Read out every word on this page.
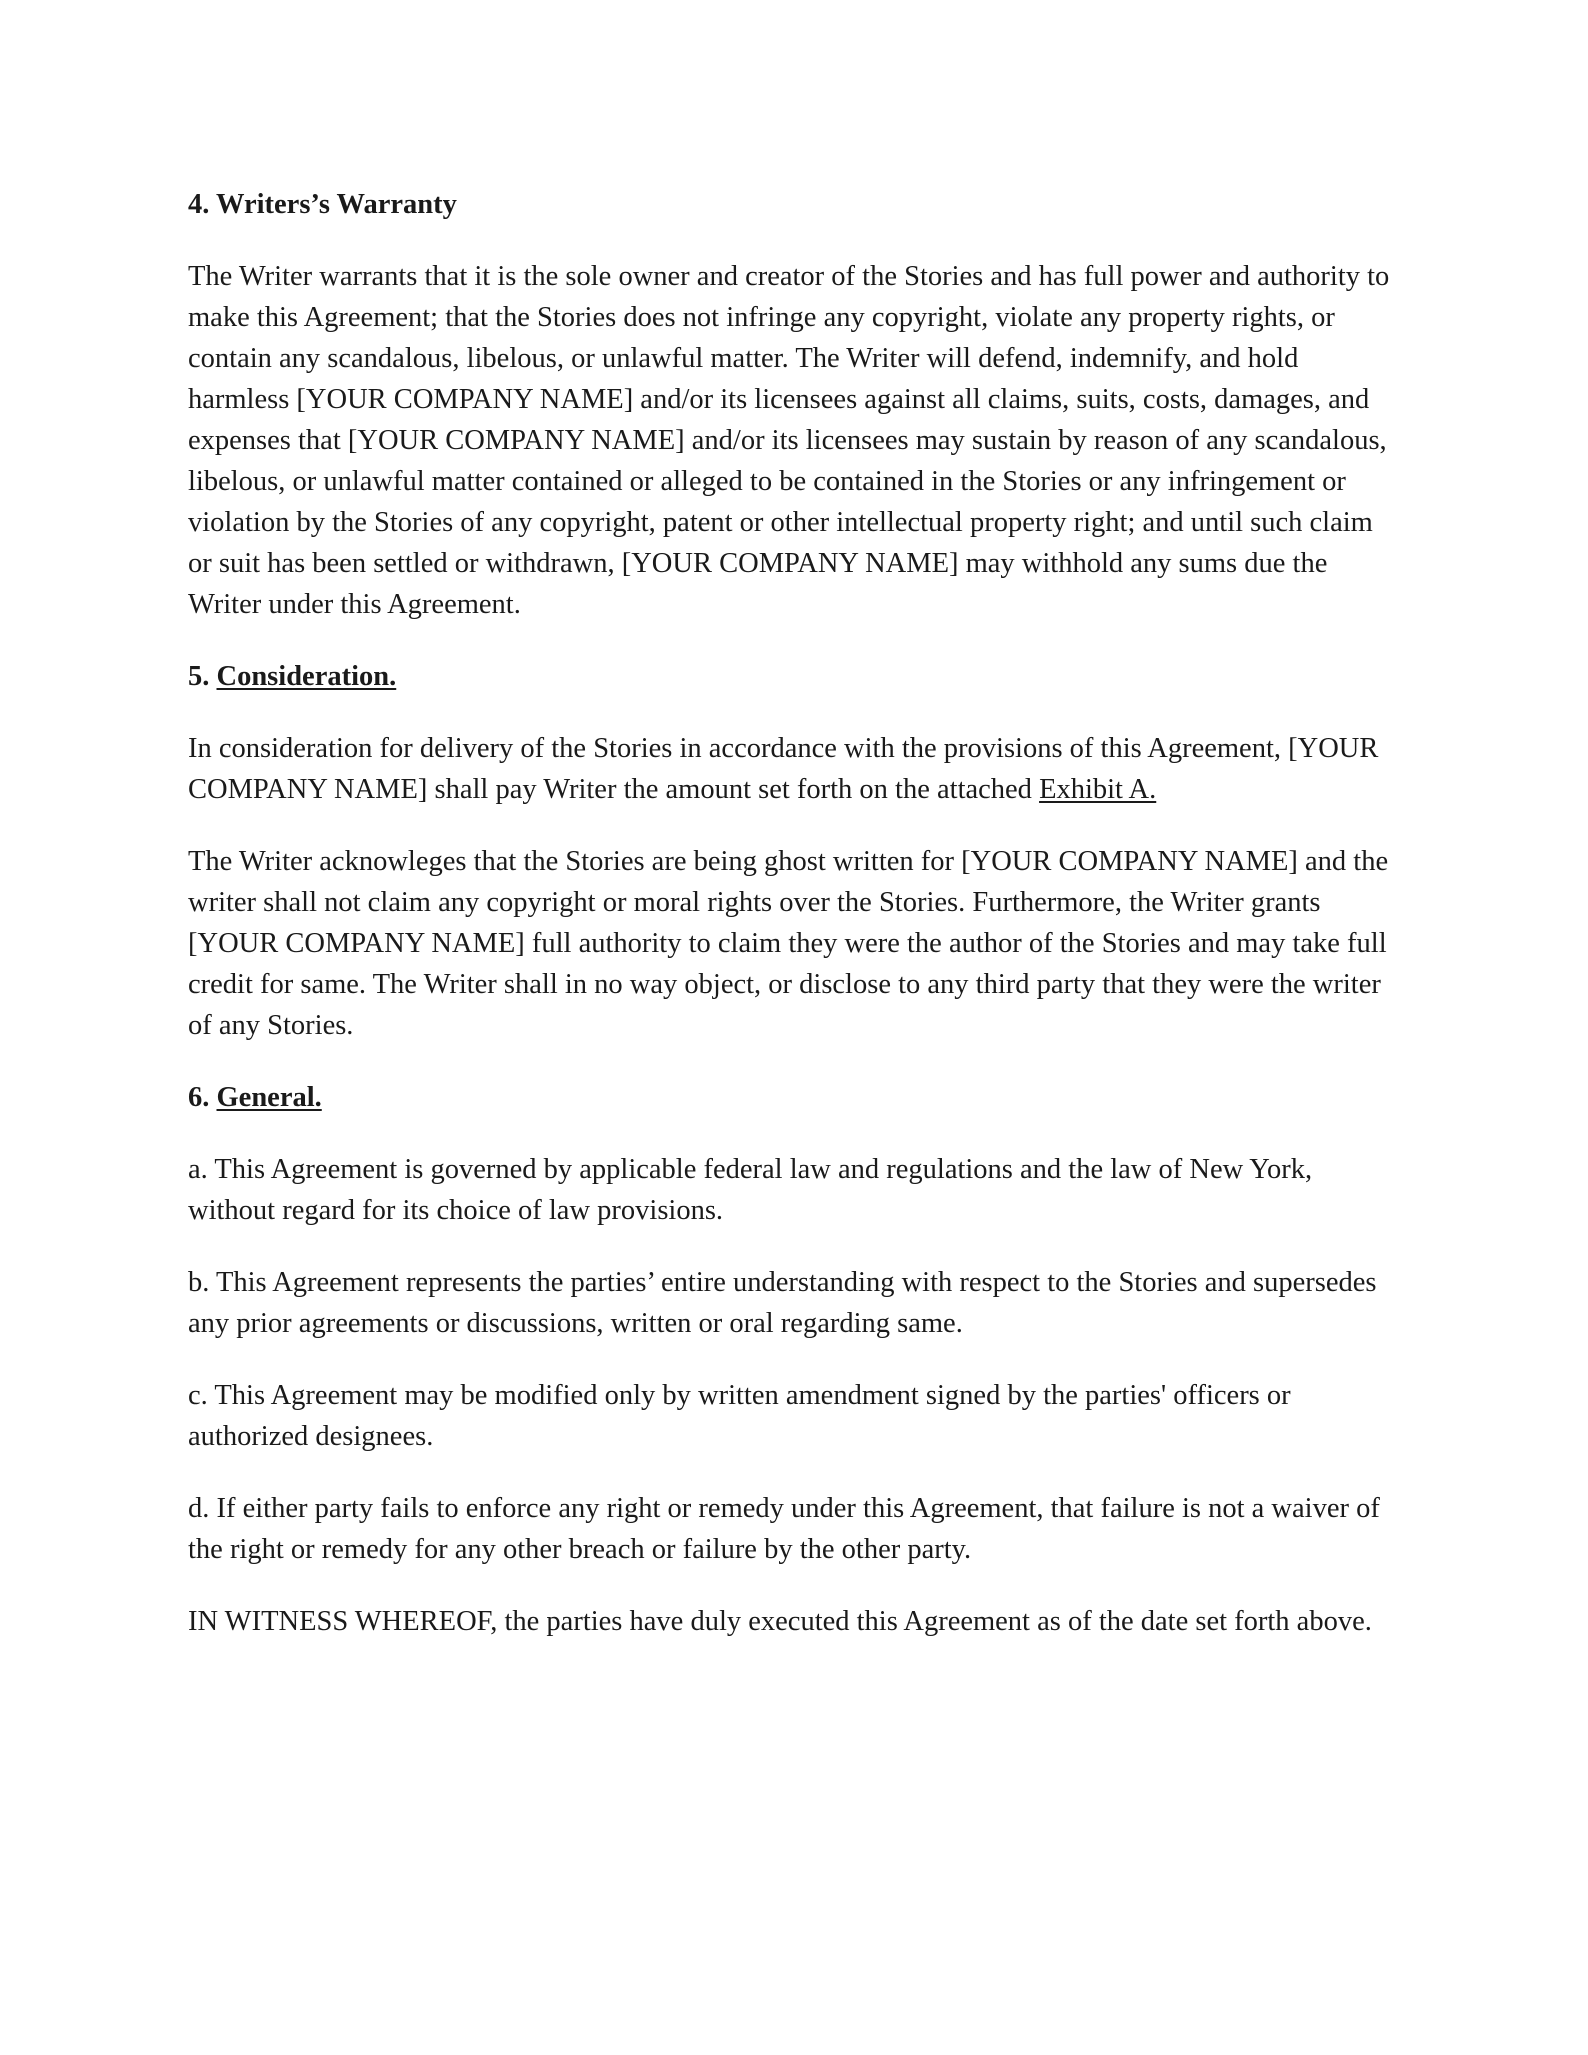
4. Writers’s Warranty

The Writer warrants that it is the sole owner and creator of the Stories and has full power and authority to make this Agreement; that the Stories does not infringe any copyright, violate any property rights, or contain any scandalous, libelous, or unlawful matter. The Writer will defend, indemnify, and hold harmless [YOUR COMPANY NAME] and/or its licensees against all claims, suits, costs, damages, and expenses that [YOUR COMPANY NAME] and/or its licensees may sustain by reason of any scandalous, libelous, or unlawful matter contained or alleged to be contained in the Stories or any infringement or violation by the Stories of any copyright, patent or other intellectual property right; and until such claim or suit has been settled or withdrawn, [YOUR COMPANY NAME] may withhold any sums due the Writer under this Agreement.

5. Consideration.

In consideration for delivery of the Stories in accordance with the provisions of this Agreement, [YOUR COMPANY NAME] shall pay Writer the amount set forth on the attached Exhibit A.

The Writer acknowleges that the Stories are being ghost written for [YOUR COMPANY NAME] and the writer shall not claim any copyright or moral rights over the Stories. Furthermore, the Writer grants [YOUR COMPANY NAME] full authority to claim they were the author of the Stories and may take full credit for same. The Writer shall in no way object, or disclose to any third party that they were the writer of any Stories.

6. General.

a. This Agreement is governed by applicable federal law and regulations and the law of New York, without regard for its choice of law provisions.

b. This Agreement represents the parties’ entire understanding with respect to the Stories and supersedes any prior agreements or discussions, written or oral regarding same.

c. This Agreement may be modified only by written amendment signed by the parties' officers or authorized designees.

d. If either party fails to enforce any right or remedy under this Agreement, that failure is not a waiver of the right or remedy for any other breach or failure by the other party.

IN WITNESS WHEREOF, the parties have duly executed this Agreement as of the date set forth above.
